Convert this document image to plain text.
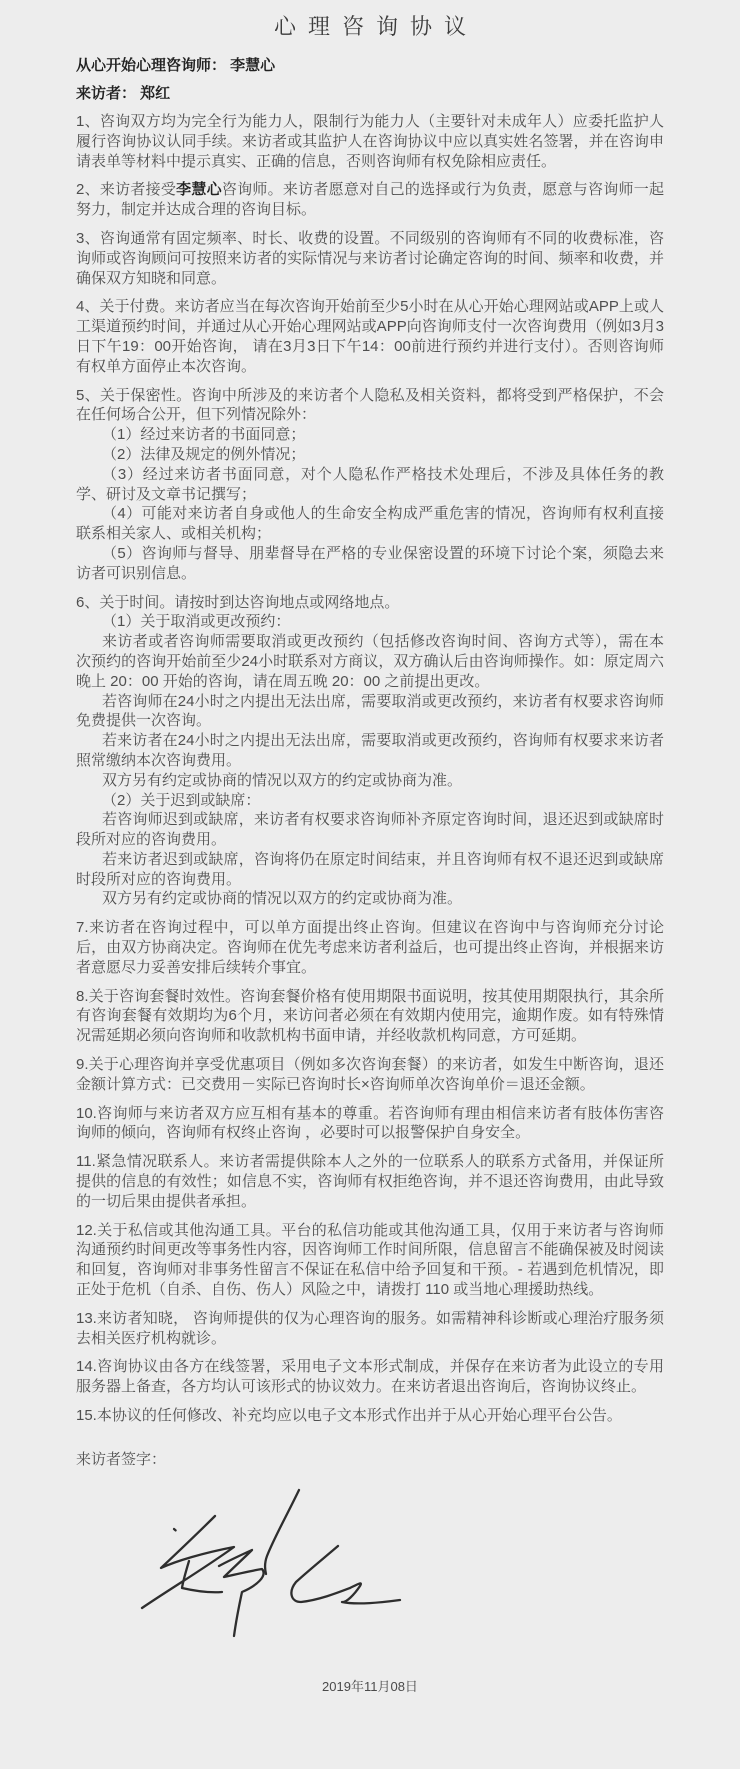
心理咨询协议

从心开始心理咨询师： 李慧心

来访者： 郑红

1、咨询双方均为完全行为能力人，限制行为能力人（主要针对未成年人）应委托监护人履行咨询协议认同手续。来访者或其监护人在咨询协议中应以真实姓名签署，并在咨询申请表单等材料中提示真实、正确的信息，否则咨询师有权免除相应责任。

2、来访者接受李慧心咨询师。来访者愿意对自己的选择或行为负责，愿意与咨询师一起努力，制定并达成合理的咨询目标。

3、咨询通常有固定频率、时长、收费的设置。不同级别的咨询师有不同的收费标准，咨询师或咨询顾问可按照来访者的实际情况与来访者讨论确定咨询的时间、频率和收费，并确保双方知晓和同意。

4、关于付费。来访者应当在每次咨询开始前至少5小时在从心开始心理网站或APP上或人工渠道预约时间，并通过从心开始心理网站或APP向咨询师支付一次咨询费用（例如3月3日下午19：00开始咨询， 请在3月3日下午14：00前进行预约并进行支付）。否则咨询师有权单方面停止本次咨询。

5、关于保密性。咨询中所涉及的来访者个人隐私及相关资料，都将受到严格保护，不会在任何场合公开，但下列情况除外：

（1）经过来访者的书面同意；

（2）法律及规定的例外情况；

（3）经过来访者书面同意，对个人隐私作严格技术处理后，不涉及具体任务的教学、研讨及文章书记撰写；

（4）可能对来访者自身或他人的生命安全构成严重危害的情况，咨询师有权利直接联系相关家人、或相关机构；

（5）咨询师与督导、朋辈督导在严格的专业保密设置的环境下讨论个案，须隐去来访者可识别信息。

6、关于时间。请按时到达咨询地点或网络地点。

（1）关于取消或更改预约：

来访者或者咨询师需要取消或更改预约（包括修改咨询时间、咨询方式等），需在本次预约的咨询开始前至少24小时联系对方商议，双方确认后由咨询师操作。如：原定周六晚上 20：00 开始的咨询，请在周五晚 20：00 之前提出更改。

若咨询师在24小时之内提出无法出席，需要取消或更改预约，来访者有权要求咨询师免费提供一次咨询。

若来访者在24小时之内提出无法出席，需要取消或更改预约，咨询师有权要求来访者照常缴纳本次咨询费用。

双方另有约定或协商的情况以双方的约定或协商为准。

（2）关于迟到或缺席：

若咨询师迟到或缺席，来访者有权要求咨询师补齐原定咨询时间，退还迟到或缺席时段所对应的咨询费用。

若来访者迟到或缺席，咨询将仍在原定时间结束，并且咨询师有权不退还迟到或缺席时段所对应的咨询费用。

双方另有约定或协商的情况以双方的约定或协商为准。

7.来访者在咨询过程中，可以单方面提出终止咨询。但建议在咨询中与咨询师充分讨论后，由双方协商决定。咨询师在优先考虑来访者利益后，也可提出终止咨询，并根据来访者意愿尽力妥善安排后续转介事宜。

8.关于咨询套餐时效性。咨询套餐价格有使用期限书面说明，按其使用期限执行，其余所有咨询套餐有效期均为6个月，来访问者必须在有效期内使用完，逾期作废。如有特殊情况需延期必须向咨询师和收款机构书面申请，并经收款机构同意，方可延期。

9.关于心理咨询并享受优惠项目（例如多次咨询套餐）的来访者，如发生中断咨询，退还金额计算方式：已交费用－实际已咨询时长×咨询师单次咨询单价＝退还金额。

10.咨询师与来访者双方应互相有基本的尊重。若咨询师有理由相信来访者有肢体伤害咨询师的倾向，咨询师有权终止咨询 ，必要时可以报警保护自身安全。

11.紧急情况联系人。来访者需提供除本人之外的一位联系人的联系方式备用，并保证所提供的信息的有效性；如信息不实，咨询师有权拒绝咨询，并不退还咨询费用，由此导致的一切后果由提供者承担。

12.关于私信或其他沟通工具。平台的私信功能或其他沟通工具，仅用于来访者与咨询师沟通预约时间更改等事务性内容，因咨询师工作时间所限，信息留言不能确保被及时阅读和回复，咨询师对非事务性留言不保证在私信中给予回复和干预。- 若遇到危机情况，即正处于危机（自杀、自伤、伤人）风险之中，请拨打 110 或当地心理援助热线。

13.来访者知晓， 咨询师提供的仅为心理咨询的服务。如需精神科诊断或心理治疗服务须去相关医疗机构就诊。

14.咨询协议由各方在线签署，采用电子文本形式制成，并保存在来访者为此设立的专用服务器上备查，各方均认可该形式的协议效力。在来访者退出咨询后，咨询协议终止。

15.本协议的任何修改、补充均应以电子文本形式作出并于从心开始心理平台公告。

来访者签字：

2019年11月08日
